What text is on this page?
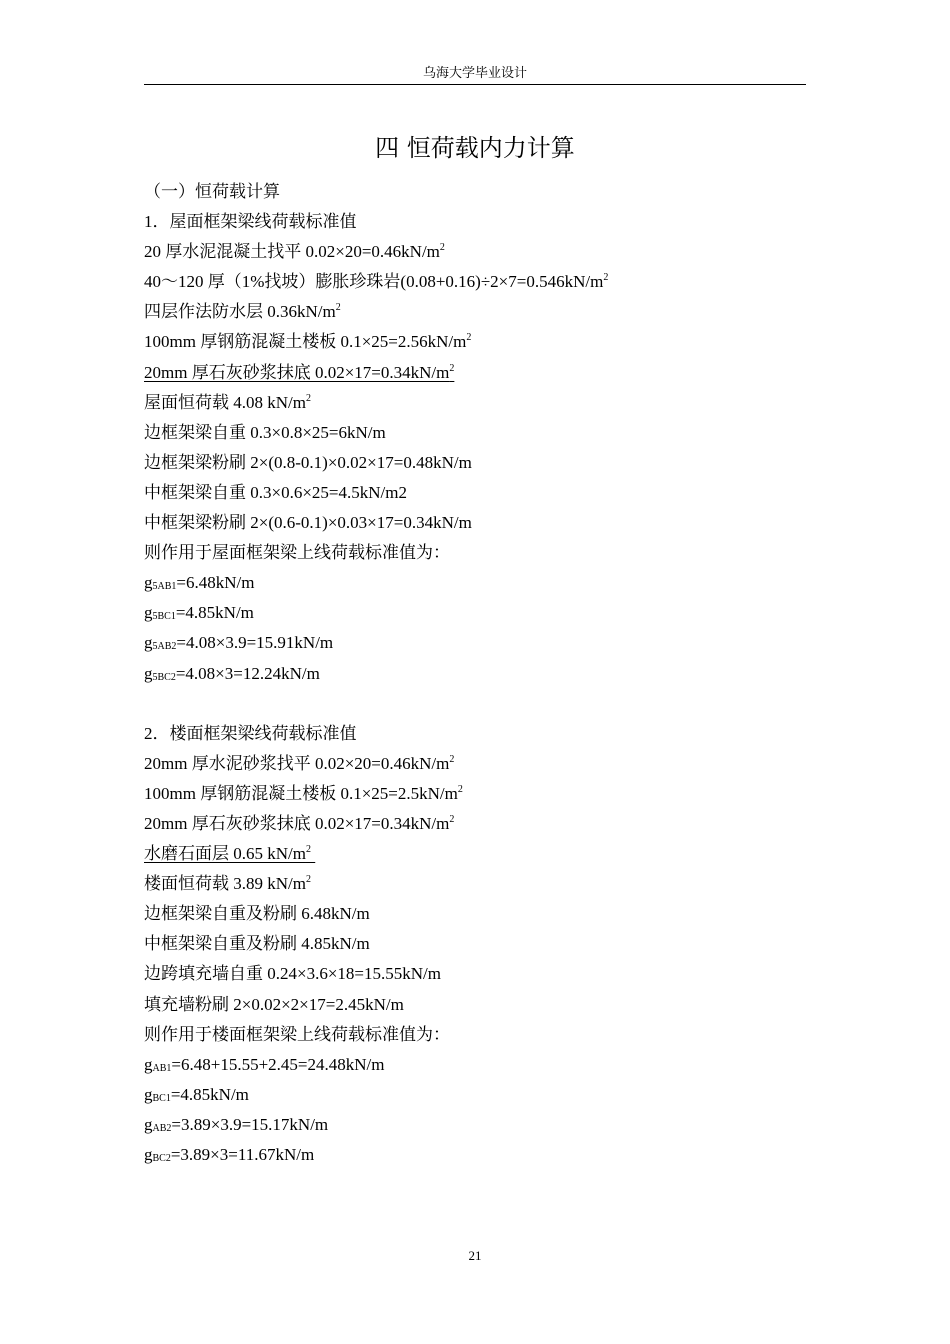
乌海大学毕业设计
四 恒荷载内力计算
（一）恒荷载计算
1．屋面框架梁线荷载标准值
20 厚水泥混凝土找平 $0.02\times 20=0.46kN/m^2$
40～120 厚（1%找坡）膨胀珍珠岩$(0.08+0.16)\div 2\times 7=0.546kN/m^2$
四层作法防水层 $0.36kN/m^2$
100mm 厚钢筋混凝土楼板 $0.1\times 25=2.56kN/m^2$
20mm 厚石灰砂浆抹底 $0.02\times 17=0.34kN/m^2$
屋面恒荷载 4.08 $kN/m^2$
边框架梁自重 0.3×0.8×25=6kN/m
边框架梁粉刷 2×(0.8-0.1)×0.02×17=0.48kN/m
中框架梁自重 0.3×0.6×25=4.5kN/m2
中框架梁粉刷 2×(0.6-0.1)×0.03×17=0.34kN/m
则作用于屋面框架梁上线荷载标准值为：
$g_{5AB1}=6.48kN/m$
$g_{5BC1}=4.85kN/m$
$g_{5AB2}=4.08\times 3.9=15.91kN/m$
$g_{5BC2}=4.08\times 3=12.24kN/m$
2．楼面框架梁线荷载标准值
20mm 厚水泥砂浆找平 $0.02\times 20=0.46kN/m^2$
100mm 厚钢筋混凝土楼板 $0.1\times 25=2.5kN/m^2$
20mm 厚石灰砂浆抹底 $0.02\times 17=0.34kN/m^2$
水磨石面层 0.65 $kN/m^2$
楼面恒荷载 3.89 $kN/m^2$
边框架梁自重及粉刷 6.48kN/m
中框架梁自重及粉刷 4.85kN/m
边跨填充墙自重 0.24×3.6×18=15.55kN/m
填充墙粉刷 2×0.02×2×17=2.45kN/m
则作用于楼面框架梁上线荷载标准值为：
$g_{AB1}=6.48+15.55+2.45=24.48kN/m$
$g_{BC1}=4.85kN/m$
$g_{AB2}=3.89\times 3.9=15.17kN/m$
$g_{BC2}=3.89\times 3=11.67kN/m$
21
